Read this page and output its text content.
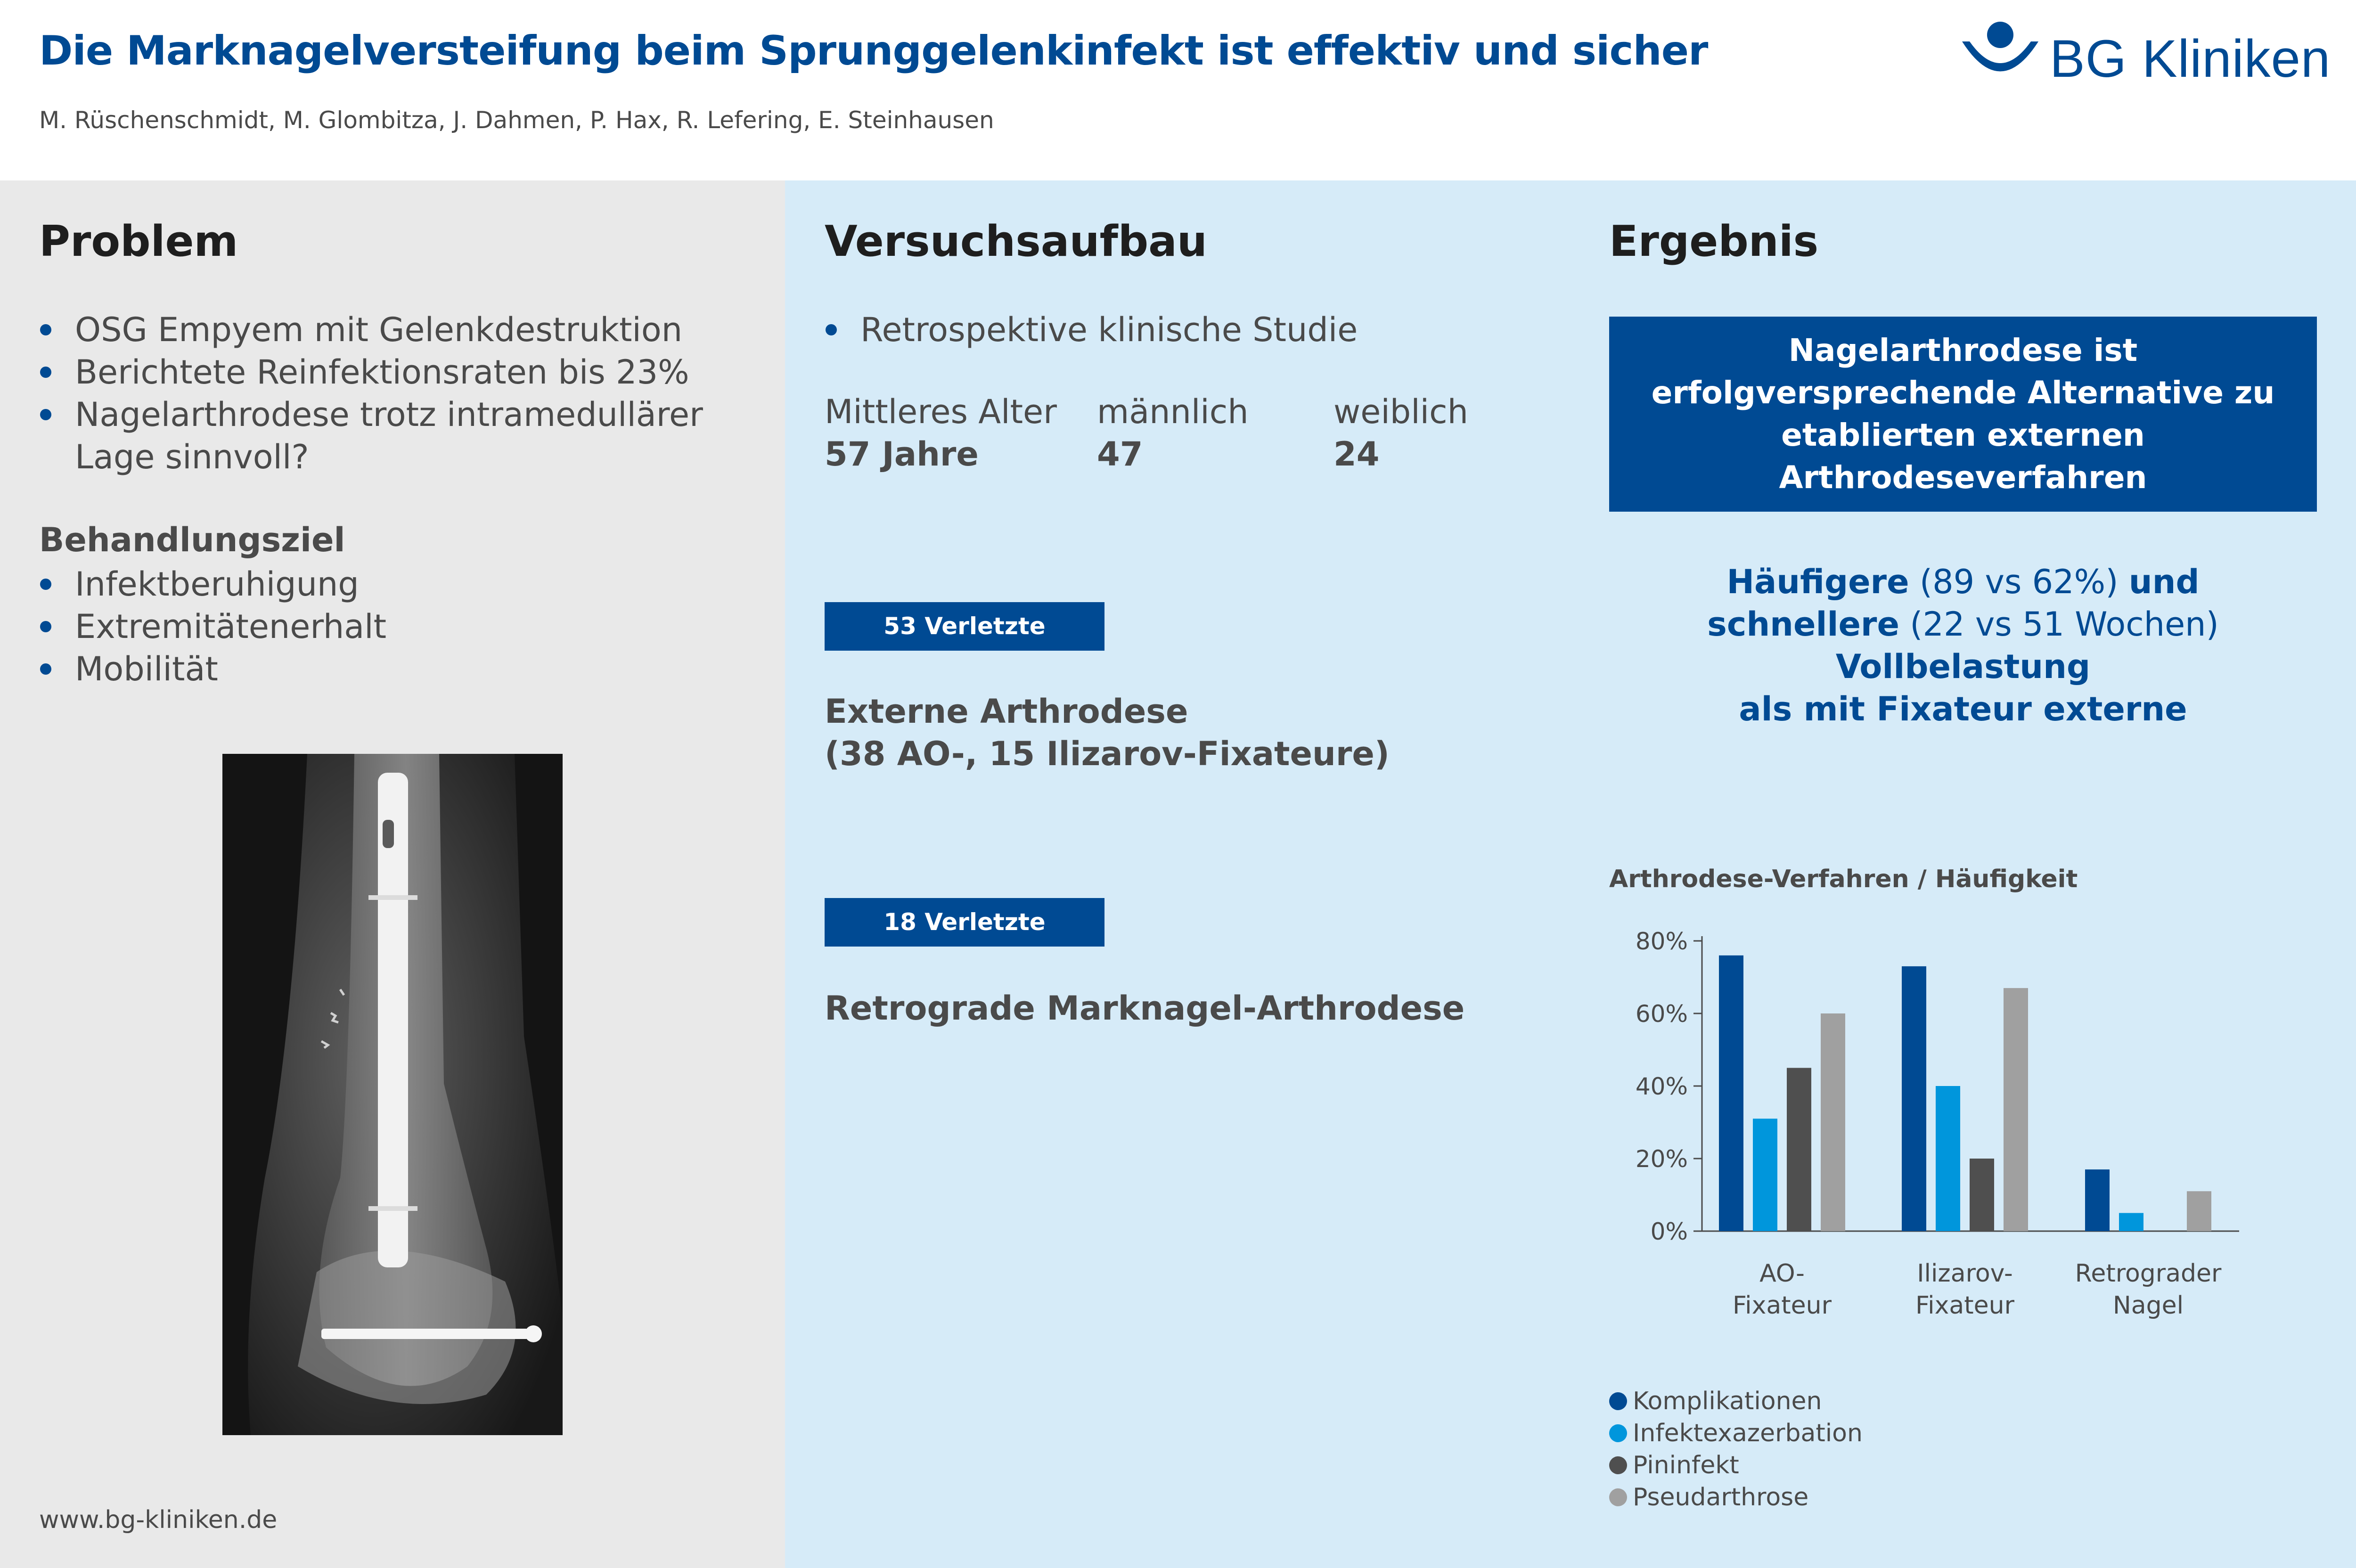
Die Marknagelversteifung beim Sprunggelenkinfekt ist effektiv und sicher
M. Rüschenschmidt, M. Glombitza, J. Dahmen, P. Hax, R. Lefering, E. Steinhausen
BG Kliniken
Problem
OSG Empyem mit Gelenkdestruktion
Berichtete Reinfektionsraten bis 23%
Nagelarthrodese trotz intramedullärer Lage sinnvoll?
Behandlungsziel
Infektberuhigung
Extremitätenerhalt
Mobilität
www.bg-kliniken.de
Versuchsaufbau
Retrospektive klinische Studie
Mittleres Alter
57 Jahre
männlich
47
weiblich
24
53 Verletzte
Externe Arthrodese
(38 AO-, 15 Ilizarov-Fixateure)
18 Verletzte
Retrograde Marknagel-Arthrodese
Ergebnis
Nagelarthrodese ist erfolgversprechende Alternative zu etablierten externen Arthrodeseverfahren
Häufigere (89 vs 62%) und
schnellere (22 vs 51 Wochen) Vollbelastung
als mit Fixateur externe
Arthrodese-Verfahren / Häufigkeit
0%
20%
40%
60%
80%
AO-
Fixateur
Ilizarov-
Fixateur
Retrograder
Nagel
Komplikationen
Infektexazerbation
Pininfekt
Pseudarthrose
